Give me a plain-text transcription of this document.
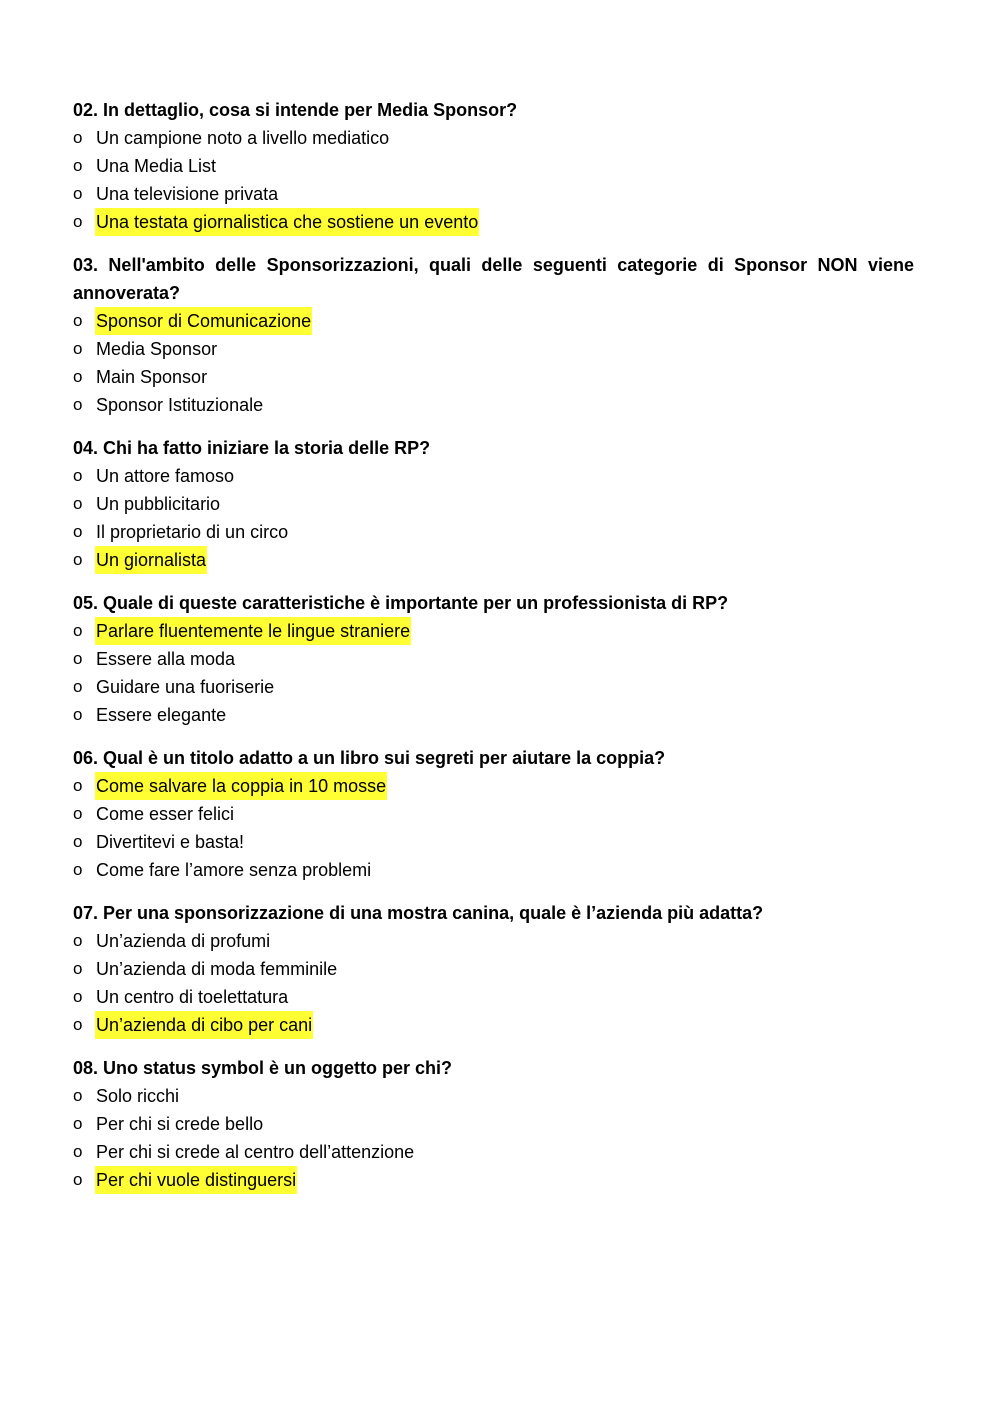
02. In dettaglio, cosa si intende per Media Sponsor?

o Un campione noto a livello mediatico
o Una Media List
o Una televisione privata
o Una testata giornalistica che sostiene un evento

03. Nell'ambito delle Sponsorizzazioni, quali delle seguenti categorie di Sponsor NON viene annoverata?

o Sponsor di Comunicazione
o Media Sponsor
o Main Sponsor
o Sponsor Istituzionale

04. Chi ha fatto iniziare la storia delle RP?

o Un attore famoso
o Un pubblicitario
o Il proprietario di un circo
o Un giornalista

05. Quale di queste caratteristiche è importante per un professionista di RP?

o Parlare fluentemente le lingue straniere
o Essere alla moda
o Guidare una fuoriserie
o Essere elegante

06. Qual è un titolo adatto a un libro sui segreti per aiutare la coppia?

o Come salvare la coppia in 10 mosse
o Come esser felici
o Divertitevi e basta!
o Come fare l’amore senza problemi

07. Per una sponsorizzazione di una mostra canina, quale è l’azienda più adatta?

o Un’azienda di profumi
o Un’azienda di moda femminile
o Un centro di toelettatura
o Un’azienda di cibo per cani

08. Uno status symbol è un oggetto per chi?

o Solo ricchi
o Per chi si crede bello
o Per chi si crede al centro dell’attenzione
o Per chi vuole distinguersi
